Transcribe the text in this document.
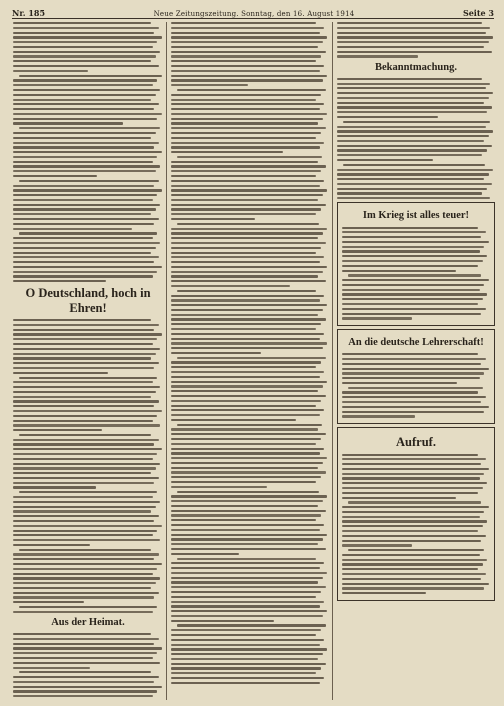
Nr. 185	Neue Zeitungszeitung. Sonntag, den 16. August 1914	Seite 3
O Deutschland, hoch in Ehren!
Aus der Heimat.
Bekanntmachung.
Im Krieg ist alles teuer!
An die deutsche Lehrerschaft!
Aufruf.
